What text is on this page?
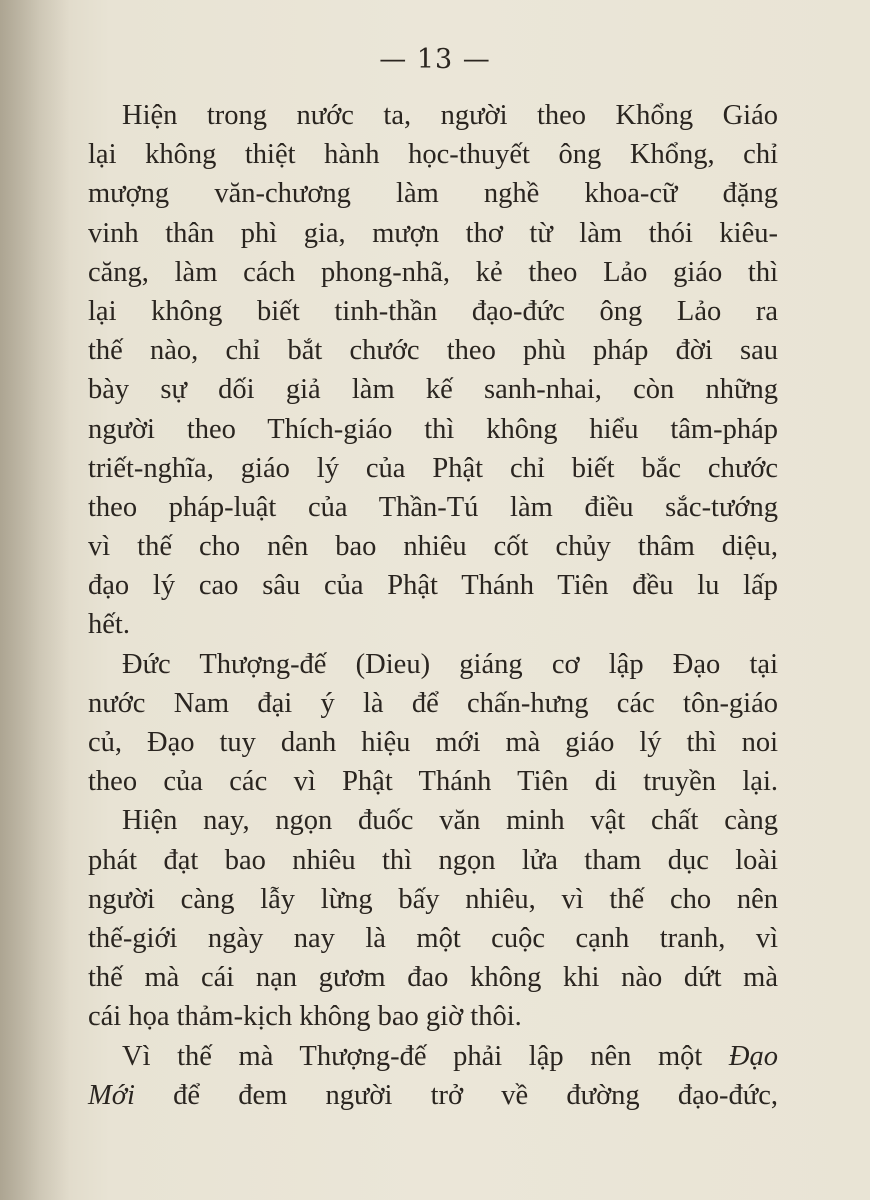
— 13 —
Hiện trong nước ta, người theo Khổng Giáo
lại không thiệt hành học-thuyết ông Khổng, chỉ
mượng văn-chương làm nghề khoa-cữ đặng
vinh thân phì gia, mượn thơ từ làm thói kiêu-
căng, làm cách phong-nhã, kẻ theo Lảo giáo thì
lại không biết tinh-thần đạo-đức ông Lảo ra
thế nào, chỉ bắt chước theo phù pháp đời sau
bày sự dối giả làm kế sanh-nhai, còn những
người theo Thích-giáo thì không hiểu tâm-pháp
triết-nghĩa, giáo lý của Phật chỉ biết bắc chước
theo pháp-luật của Thần-Tú làm điều sắc-tướng
vì thế cho nên bao nhiêu cốt chủy thâm diệu,
đạo lý cao sâu của Phật Thánh Tiên đều lu lấp
hết.
Đức Thượng-đế (Dieu) giáng cơ lập Đạo tại
nước Nam đại ý là để chấn-hưng các tôn-giáo
củ, Đạo tuy danh hiệu mới mà giáo lý thì noi
theo của các vì Phật Thánh Tiên di truyền lại.
Hiện nay, ngọn đuốc văn minh vật chất càng
phát đạt bao nhiêu thì ngọn lửa tham dục loài
người càng lẫy lừng bấy nhiêu, vì thế cho nên
thế-giới ngày nay là một cuộc cạnh tranh, vì
thế mà cái nạn gươm đao không khi nào dứt mà
cái họa thảm-kịch không bao giờ thôi.
Vì thế mà Thượng-đế phải lập nên một Đạo
Mới để đem người trở về đường đạo-đức,
